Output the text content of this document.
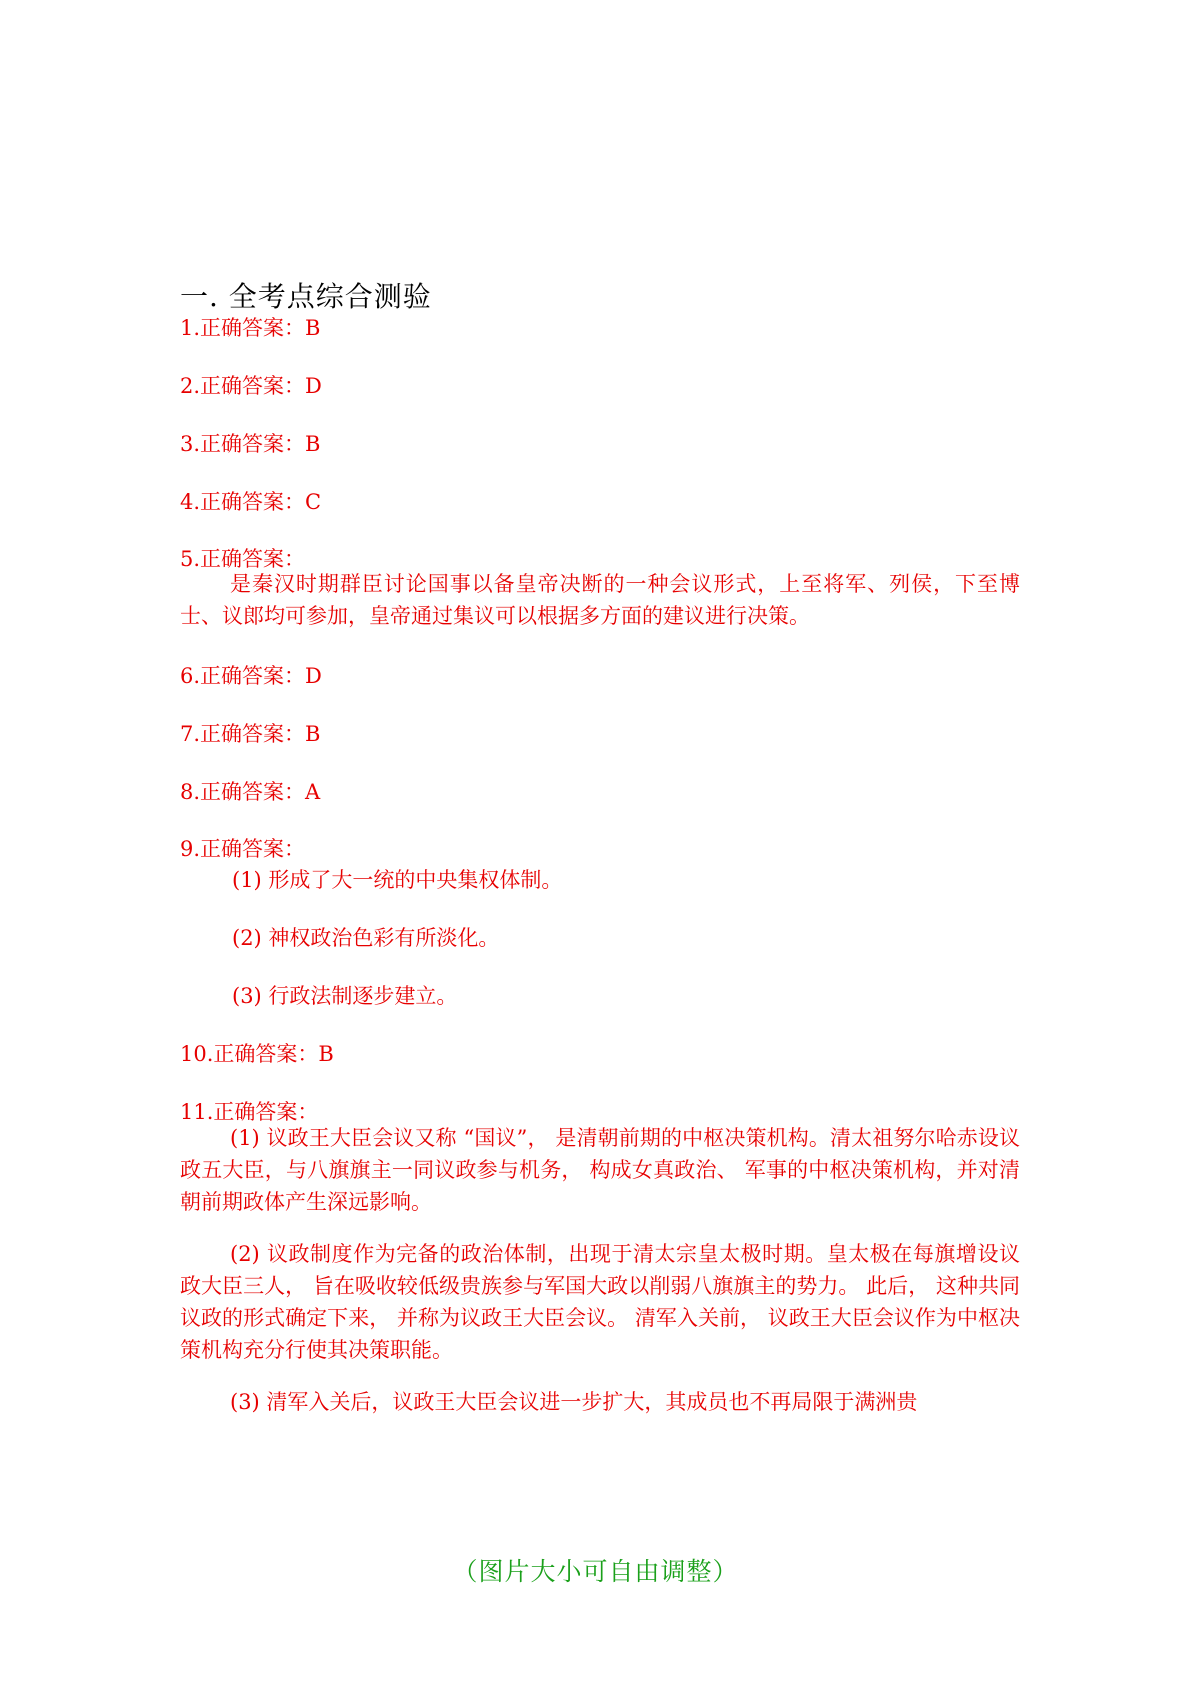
一. 全考点综合测验
1.正确答案：B
2.正确答案：D
3.正确答案：B
4.正确答案：C
5.正确答案：
是秦汉时期群臣讨论国事以备皇帝决断的一种会议形式，上至将军、列侯，下至博士、议郎均可参加，皇帝通过集议可以根据多方面的建议进行决策。
6.正确答案：D
7.正确答案：B
8.正确答案：A
9.正确答案：
(1) 形成了大一统的中央集权体制。
(2) 神权政治色彩有所淡化。
(3) 行政法制逐步建立。
10.正确答案：B
11.正确答案：
(1) 议政王大臣会议又称 “国议”， 是清朝前期的中枢决策机构。清太祖努尔哈赤设议政五大臣，与八旗旗主一同议政参与机务， 构成女真政治、 军事的中枢决策机构，并对清朝前期政体产生深远影响。
(2) 议政制度作为完备的政治体制，出现于清太宗皇太极时期。皇太极在每旗增设议政大臣三人， 旨在吸收较低级贵族参与军国大政以削弱八旗旗主的势力。 此后， 这种共同议政的形式确定下来， 并称为议政王大臣会议。 清军入关前， 议政王大臣会议作为中枢决策机构充分行使其决策职能。
(3) 清军入关后，议政王大臣会议进一步扩大，其成员也不再局限于满洲贵
（图片大小可自由调整）
